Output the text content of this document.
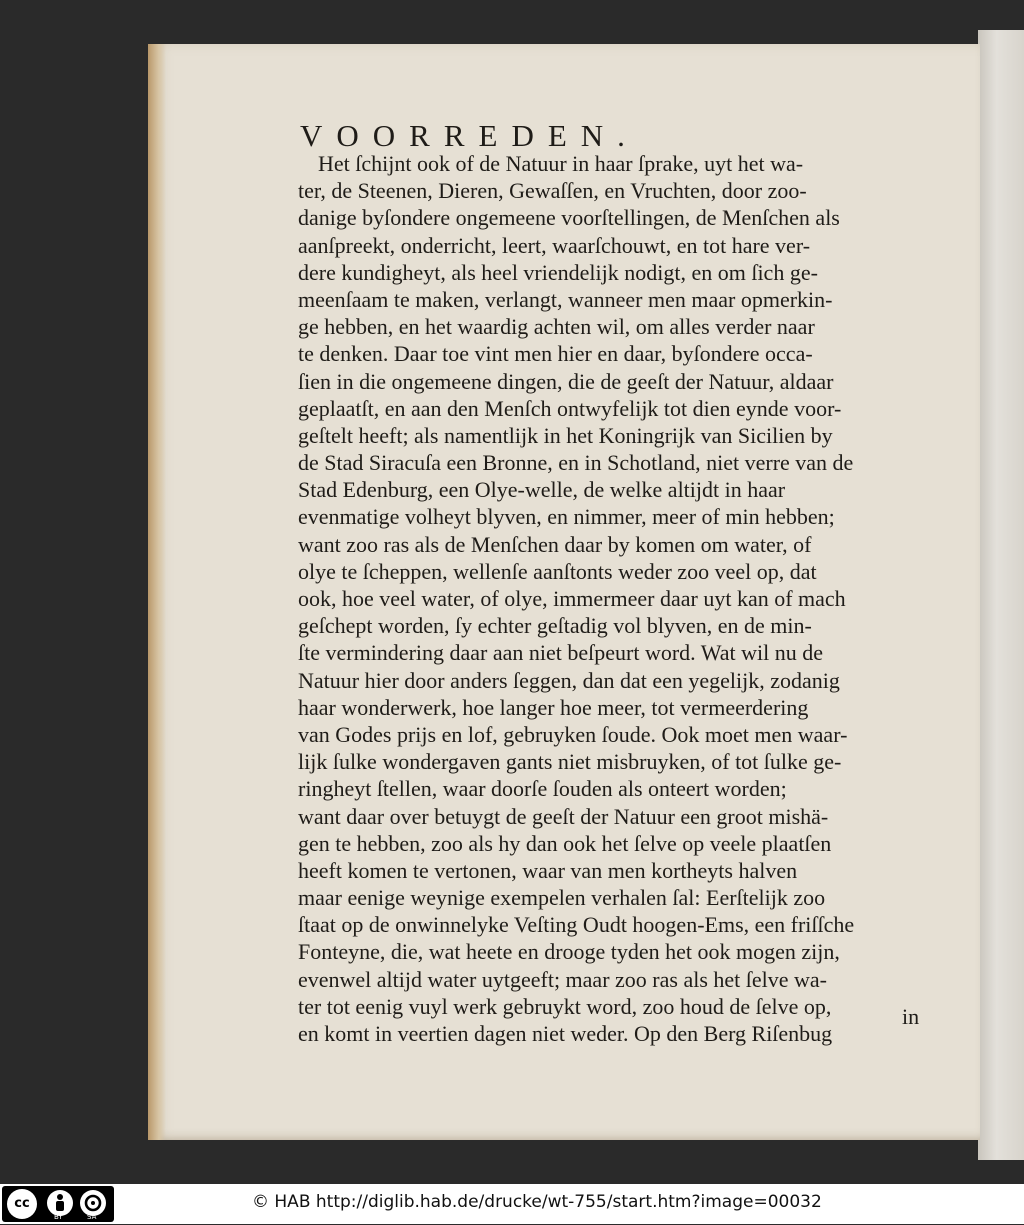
VOORREDEN.
Het ſchijnt ook of de Natuur in haar ſprake, uyt het wa-
ter, de Steenen, Dieren, Gewaſſen, en Vruchten, door zoo-
danige byſondere ongemeene voorſtellingen, de Menſchen als
aanſpreekt, onderricht, leert, waarſchouwt, en tot hare ver-
dere kundigheyt, als heel vriendelijk nodigt, en om ſich ge-
meenſaam te maken, verlangt, wanneer men maar opmerkin-
ge hebben, en het waardig achten wil, om alles verder naar
te denken. Daar toe vint men hier en daar, byſondere occa-
ſien in die ongemeene dingen, die de geeſt der Natuur, aldaar
geplaatſt, en aan den Menſch ontwyfelijk tot dien eynde voor-
geſtelt heeft; als namentlijk in het Koningrijk van Sicilien by
de Stad Siracuſa een Bronne, en in Schotland, niet verre van de
Stad Edenburg, een Olye-welle, de welke altijdt in haar
evenmatige volheyt blyven, en nimmer, meer of min hebben;
want zoo ras als de Menſchen daar by komen om water, of
olye te ſcheppen, wellenſe aanſtonts weder zoo veel op, dat
ook, hoe veel water, of olye, immermeer daar uyt kan of mach
geſchept worden, ſy echter geſtadig vol blyven, en de min-
ſte vermindering daar aan niet beſpeurt word. Wat wil nu de
Natuur hier door anders ſeggen, dan dat een yegelijk, zodanig
haar wonderwerk, hoe langer hoe meer, tot vermeerdering
van Godes prijs en lof, gebruyken ſoude. Ook moet men waar-
lijk ſulke wondergaven gants niet misbruyken, of tot ſulke ge-
ringheyt ſtellen, waar doorſe ſouden als onteert worden;
want daar over betuygt de geeſt der Natuur een groot mishä-
gen te hebben, zoo als hy dan ook het ſelve op veele plaatſen
heeft komen te vertonen, waar van men kortheyts halven
maar eenige weynige exempelen verhalen ſal: Eerſtelijk zoo
ſtaat op de onwinnelyke Veſting Oudt hoogen-Ems, een friſſche
Fonteyne, die, wat heete en drooge tyden het ook mogen zijn,
evenwel altijd water uytgeeft; maar zoo ras als het ſelve wa-
ter tot eenig vuyl werk gebruykt word, zoo houd de ſelve op,
en komt in veertien dagen niet weder. Op den Berg Riſenbug
in
cc
BY	SA
© HAB http://diglib.hab.de/drucke/wt-755/start.htm?image=00032
